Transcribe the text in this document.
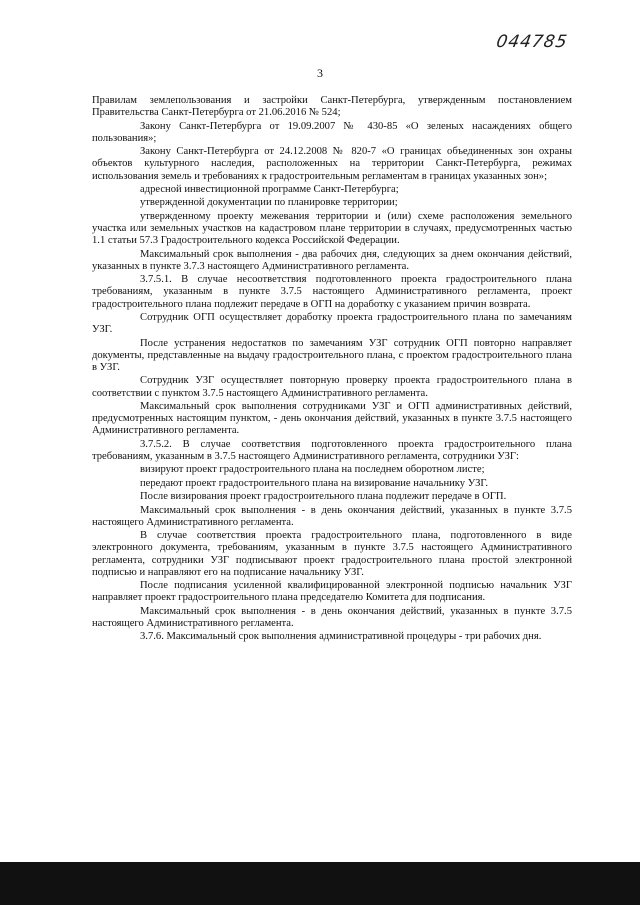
044785
3

Правилам землепользования и застройки Санкт-Петербурга, утвержденным постановлением Правительства Санкт-Петербурга от 21.06.2016 № 524;

Закону Санкт-Петербурга от 19.09.2007 № 430-85 «О зеленых насаждениях общего пользования»;

Закону Санкт-Петербурга от 24.12.2008 № 820-7 «О границах объединенных зон охраны объектов культурного наследия, расположенных на территории Санкт-Петербурга, режимах использования земель и требованиях к градостроительным регламентам в границах указанных зон»;

адресной инвестиционной программе Санкт-Петербурга;

утвержденной документации по планировке территории;

утвержденному проекту межевания территории и (или) схеме расположения земельного участка или земельных участков на кадастровом плане территории в случаях, предусмотренных частью 1.1 статьи 57.3 Градостроительного кодекса Российской Федерации.

Максимальный срок выполнения - два рабочих дня, следующих за днем окончания действий, указанных в пункте 3.7.3 настоящего Административного регламента.

3.7.5.1. В случае несоответствия подготовленного проекта градостроительного плана требованиям, указанным в пункте 3.7.5 настоящего Административного регламента, проект градостроительного плана подлежит передаче в ОГП на доработку с указанием причин возврата.

Сотрудник ОГП осуществляет доработку проекта градостроительного плана по замечаниям УЗГ.

После устранения недостатков по замечаниям УЗГ сотрудник ОГП повторно направляет документы, представленные на выдачу градостроительного плана, с проектом градостроительного плана в УЗГ.

Сотрудник УЗГ осуществляет повторную проверку проекта градостроительного плана в соответствии с пунктом 3.7.5 настоящего Административного регламента.

Максимальный срок выполнения сотрудниками УЗГ и ОГП административных действий, предусмотренных настоящим пунктом, - день окончания действий, указанных в пункте 3.7.5 настоящего Административного регламента.

3.7.5.2. В случае соответствия подготовленного проекта градостроительного плана требованиям, указанным в 3.7.5 настоящего Административного регламента, сотрудники УЗГ:

визируют проект градостроительного плана на последнем оборотном листе;

передают проект градостроительного плана на визирование начальнику УЗГ.

После визирования проект градостроительного плана подлежит передаче в ОГП.

Максимальный срок выполнения - в день окончания действий, указанных в пункте 3.7.5 настоящего Административного регламента.

В случае соответствия проекта градостроительного плана, подготовленного в виде электронного документа, требованиям, указанным в пункте 3.7.5 настоящего Административного регламента, сотрудники УЗГ подписывают проект градостроительного плана простой электронной подписью и направляют его на подписание начальнику УЗГ.

После подписания усиленной квалифицированной электронной подписью начальник УЗГ направляет проект градостроительного плана председателю Комитета для подписания.

Максимальный срок выполнения - в день окончания действий, указанных в пункте 3.7.5 настоящего Административного регламента.

3.7.6. Максимальный срок выполнения административной процедуры - три рабочих дня.
